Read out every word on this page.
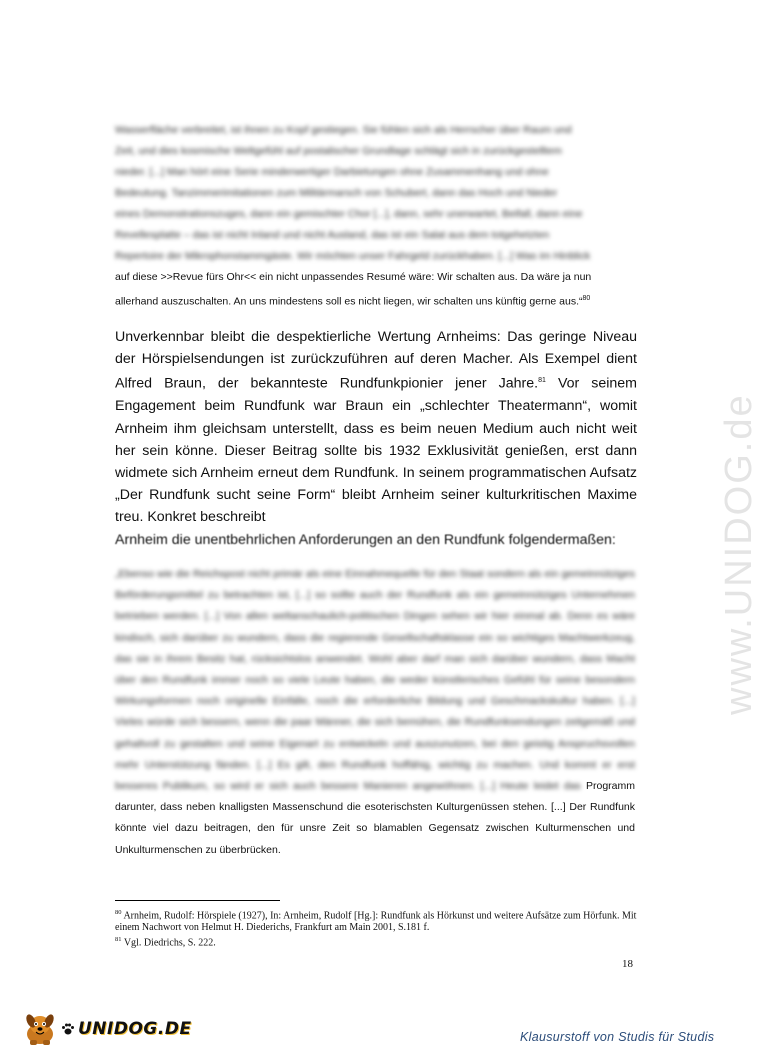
Wasserfläche verbreitet, ist ihnen zu Kopf gestiegen. Sie fühlen sich als Herrscher über Raum und
Zeit, und dies kosmische Weltgefühl auf postalischer Grundlage schlägt sich in zurückgestelltem
nieder. [...] Man hört eine Serie minderwertiger Darbietungen ohne Zusammenhang und ohne
Bedeutung. Tanzimmerimitationen zum Militärmarsch von Schubert, dann das Hoch und Nieder
eines Demonstrationszuges, dann ein gemischter Chor [...], dann, sehr unerwartet, Beifall, dann eine
Revellesplatte – das ist nicht Inland und nicht Ausland, das ist ein Salat aus dem totgehetzten
Repertoire der Mikrophonstammgäste. Wir möchten unser Fahrgeld zurückhaben. [...] Was im Hinblick
auf diese >>Revue fürs Ohr<< ein nicht unpassendes Resumé wäre: Wir schalten aus. Da wäre ja nun
allerhand auszuschalten. An uns mindestens soll es nicht liegen, wir schalten uns künftig gerne aus.“$^{80}$
Unverkennbar bleibt die despektierliche Wertung Arnheims: Das geringe Niveau der Hörspielsendungen ist zurückzuführen auf deren Macher. Als Exempel dient Alfred Braun, der bekannteste Rundfunkpionier jener Jahre.$^{81}$ Vor seinem Engagement beim Rundfunk war Braun ein „schlechter Theatermann“, womit Arnheim ihm gleichsam unterstellt, dass es beim neuen Medium auch nicht weit her sein könne. Dieser Beitrag sollte bis 1932 Exklusivität genießen, erst dann widmete sich Arnheim erneut dem Rundfunk. In seinem programmatischen Aufsatz „Der Rundfunk sucht seine Form“ bleibt Arnheim seiner kulturkritischen Maxime treu. Konkret beschreibt
Arnheim die unentbehrlichen Anforderungen an den Rundfunk folgendermaßen:
„Ebenso wie die Reichspost nicht primär als eine Einnahmequelle für den Staat sondern als ein gemeinnütziges Beförderungsmittel zu betrachten ist, [...] so sollte auch der Rundfunk als ein gemeinnütziges Unternehmen betrieben werden. [...] Von allen weltanschaulich-politischen Dingen sehen wir hier einmal ab. Denn es wäre kindisch, sich darüber zu wundern, dass die regierende Gesellschaftsklasse ein so wichtiges Machtwerkzeug, das sie in ihrem Besitz hat, rücksichtslos anwendet. Wohl aber darf man sich darüber wundern, dass Macht über den Rundfunk immer noch so viele Leute haben, die weder künstlerisches Gefühl für seine besondern Wirkungsformen noch originelle Einfälle, noch die erforderliche Bildung und Geschmackskultur haben. [...] Vieles würde sich bessern, wenn die paar Männer, die sich bemühen, die Rundfunksendungen zeitgemäß und gehaltvoll zu gestalten und seine Eigenart zu entwickeln und auszunutzen, bei den geistig Anspruchsvollen mehr Unterstützung fänden. [...] Es gilt, den Rundfunk hoffähig, wichtig zu machen. Und kommt er erst besseres Publikum, so wird er sich auch bessere Manieren angewöhnen. [...] Heute leidet das Programm darunter, dass neben knalligsten Massenschund die esoterischsten Kulturgenüssen stehen. [...] Der Rundfunk könnte viel dazu beitragen, den für unsre Zeit so blamablen Gegensatz zwischen Kulturmenschen und Unkulturmenschen zu überbrücken.
$^{80}$ Arnheim, Rudolf: Hörspiele (1927), In: Arnheim, Rudolf [Hg.]: Rundfunk als Hörkunst und weitere Aufsätze zum Hörfunk. Mit einem Nachwort von Helmut H. Diederichs, Frankfurt am Main 2001, S.181 f.
$^{81}$ Vgl. Diedrichs, S. 222.
18
www.UNIDOG.de
UNIDOG.DE	Klausurstoff von Studis für Studis
